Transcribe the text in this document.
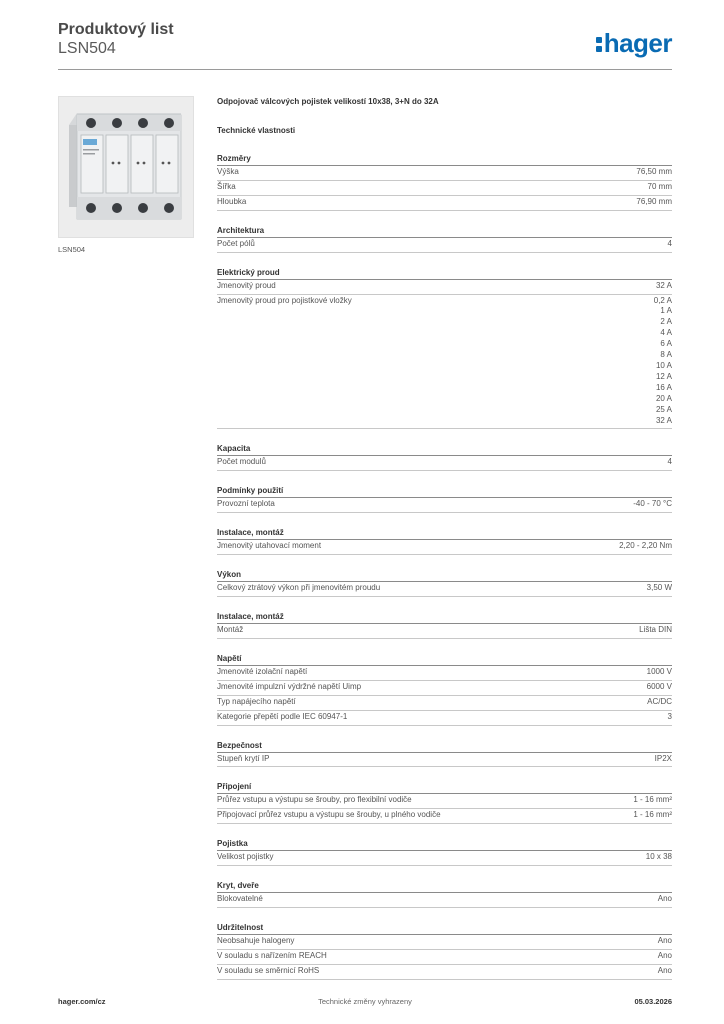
Produktový list
LSN504	hager
LSN504
Odpojovač válcových pojistek velikostí 10x38, 3+N do 32A
Technické vlastnosti
Rozměry
Výška	76,50 mm
Šířka	70 mm
Hloubka	76,90 mm
Architektura
Počet pólů	4
Elektrický proud
Jmenovitý proud	32 A
Jmenovitý proud pro pojistkové vložky	0,2 A
1 A
2 A
4 A
6 A
8 A
10 A
12 A
16 A
20 A
25 A
32 A
Kapacita
Počet modulů	4
Podmínky použití
Provozní teplota	-40 - 70 °C
Instalace, montáž
Jmenovitý utahovací moment	2,20 - 2,20 Nm
Výkon
Celkový ztrátový výkon při jmenovitém proudu	3,50 W
Instalace, montáž
Montáž	Lišta DIN
Napětí
Jmenovité izolační napětí	1000 V
Jmenovité impulzní výdržné napětí Uimp	6000 V
Typ napájecího napětí	AC/DC
Kategorie přepětí podle IEC 60947-1	3
Bezpečnost
Stupeň krytí IP	IP2X
Připojení
Průřez vstupu a výstupu se šrouby, pro flexibilní vodiče	1 - 16 mm²
Připojovací průřez vstupu a výstupu se šrouby, u plného vodiče	1 - 16 mm²
Pojistka
Velikost pojistky	10 x 38
Kryt, dveře
Blokovatelné	Ano
Udržitelnost
Neobsahuje halogeny	Ano
V souladu s nařízením REACH	Ano
V souladu se směrnicí RoHS	Ano
hager.com/cz	Technické změny vyhrazeny	05.03.2026
